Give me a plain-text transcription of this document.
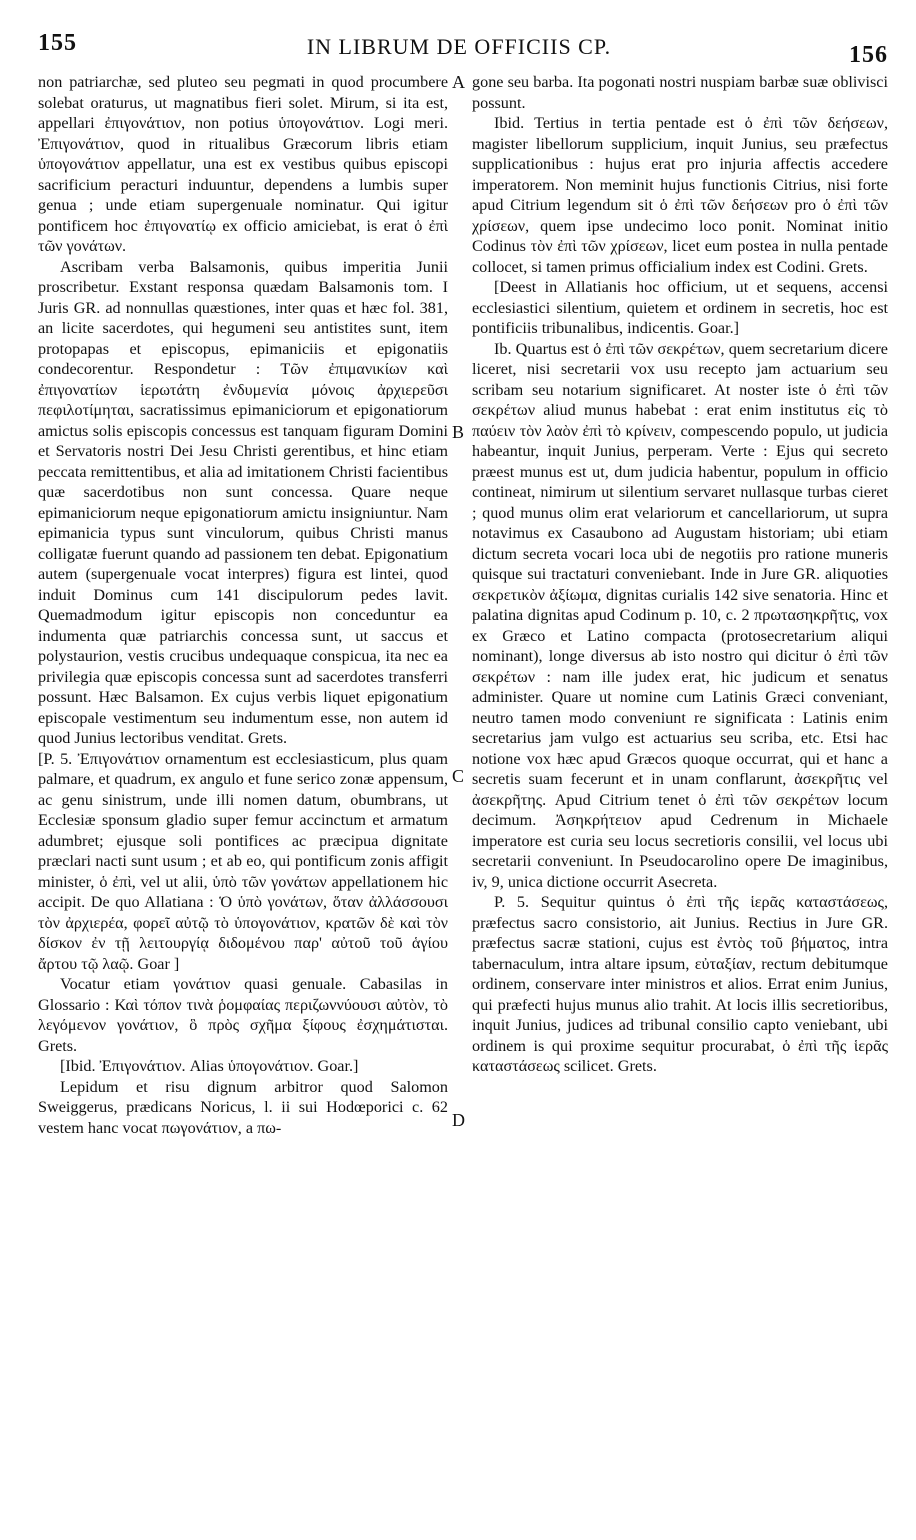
155	IN LIBRUM DE OFFICIIS CP.	156

non patriarchæ, sed pluteo seu pegmati in quod procumbere solebat oraturus, ut magnatibus fieri solet. Mirum, si ita est, appellari ἐπιγονάτιον, non potius ὑπογονάτιον. Logi meri. Ἐπιγονάτιον, quod in ritualibus Græcorum libris etiam ὑπογονάτιον appellatur, una est ex vestibus quibus episcopi sacrificium peracturi induuntur, dependens a lumbis super genua ; unde etiam supergenuale nominatur. Qui igitur pontificem hoc ἐπιγονατίῳ ex officio amiciebat, is erat ὁ ἐπὶ τῶν γονάτων.

Ascribam verba Balsamonis, quibus imperitia Junii proscribetur. Exstant responsa quædam Balsamonis tom. I Juris GR. ad nonnullas quæstiones, inter quas et hæc fol. 381, an licite sacerdotes, qui hegumeni seu antistites sunt, item protopapas et episcopus, epimaniciis et epigonatiis condecorentur. Respondetur : Τῶν ἐπιμανικίων καὶ ἐπιγονατίων ἱερωτάτη ἐνδυμενία μόνοις ἀρχιερεῦσι πεφιλοτίμηται, sacratissimus epimaniciorum et epigonatiorum amictus solis episcopis concessus est tanquam figuram Domini et Servatoris nostri Dei Jesu Christi gerentibus, et hinc etiam peccata remittentibus, et alia ad imitationem Christi facientibus quæ sacerdotibus non sunt concessa. Quare neque epimaniciorum neque epigonatiorum amictu insigniuntur. Nam epimanicia typus sunt vinculorum, quibus Christi manus colligatæ fuerunt quando ad passionem ten debat. Epigonatium autem (supergenuale vocat interpres) figura est lintei, quod induit Dominus cum 141 discipulorum pedes lavit. Quemadmodum igitur episcopis non conceduntur ea indumenta quæ patriarchis concessa sunt, ut saccus et polystaurion, vestis crucibus undequaque conspicua, ita nec ea privilegia quæ episcopis concessa sunt ad sacerdotes transferri possunt. Hæc Balsamon. Ex cujus verbis liquet epigonatium episcopale vestimentum seu indumentum esse, non autem id quod Junius lectoribus venditat. Grets.

[P. 5. Ἐπιγονάτιον ornamentum est ecclesiasticum, plus quam palmare, et quadrum, ex angulo et fune serico zonæ appensum, ac genu sinistrum, unde illi nomen datum, obumbrans, ut Ecclesiæ sponsum gladio super femur accinctum et armatum adumbret; ejusque soli pontifices ac præcipua dignitate præclari nacti sunt usum ; et ab eo, qui pontificum zonis affigit minister, ὁ ἐπὶ, vel ut alii, ὑπὸ τῶν γονάτων appellationem hic accipit. De quo Allatiana : Ὁ ὑπὸ γονάτων, ὅταν ἀλλάσσουσι τὸν ἀρχιερέα, φορεῖ αὐτῷ τὸ ὑπογονάτιον, κρατῶν δὲ καὶ τὸν δίσκον ἐν τῇ λειτουργίᾳ διδομένου παρ' αὐτοῦ τοῦ ἁγίου ἄρτου τῷ λαῷ. Goar ]

Vocatur etiam γονάτιον quasi genuale. Cabasilas in Glossario : Καὶ τόπον τινὰ ῥομφαίας περιζωννύουσι αὐτὸν, τὸ λεγόμενον γονάτιον, ὃ πρὸς σχῆμα ξίφους ἐσχημάτισται. Grets.

[Ibid. Ἐπιγονάτιον. Alias ὑπογονάτιον. Goar.]

Lepidum et risu dignum arbitror quod Salomon Sweiggerus, prædicans Noricus, l. ii sui Hodœporici c. 62 vestem hanc vocat πωγονάτιον, a πω-

A
B
C
D

gone seu barba. Ita pogonati nostri nuspiam barbæ suæ oblivisci possunt.

Ibid. Tertius in tertia pentade est ὁ ἐπὶ τῶν δεήσεων, magister libellorum supplicium, inquit Junius, seu præfectus supplicationibus : hujus erat pro injuria affectis accedere imperatorem. Non meminit hujus functionis Citrius, nisi forte apud Citrium legendum sit ὁ ἐπὶ τῶν δεήσεων pro ὁ ἐπὶ τῶν χρίσεων, quem ipse undecimo loco ponit. Nominat initio Codinus τὸν ἐπὶ τῶν χρίσεων, licet eum postea in nulla pentade collocet, si tamen primus officialium index est Codini. Grets.

[Deest in Allatianis hoc officium, ut et sequens, accensi ecclesiastici silentium, quietem et ordinem in secretis, hoc est pontificiis tribunalibus, indicentis. Goar.]

Ib. Quartus est ὁ ἐπὶ τῶν σεκρέτων, quem secretarium dicere liceret, nisi secretarii vox usu recepto jam actuarium seu scribam seu notarium significaret. At noster iste ὁ ἐπὶ τῶν σεκρέτων aliud munus habebat : erat enim institutus εἰς τὸ παύειν τὸν λαὸν ἐπὶ τὸ κρίνειν, compescendo populo, ut judicia habeantur, inquit Junius, perperam. Verte : Ejus qui secreto præest munus est ut, dum judicia habentur, populum in officio contineat, nimirum ut silentium servaret nullasque turbas cieret ; quod munus olim erat velariorum et cancellariorum, ut supra notavimus ex Casaubono ad Augustam historiam; ubi etiam dictum secreta vocari loca ubi de negotiis pro ratione muneris quisque sui tractaturi conveniebant. Inde in Jure GR. aliquoties σεκρετικὸν ἀξίωμα, dignitas curialis 142 sive senatoria. Hinc et palatina dignitas apud Codinum p. 10, c. 2 πρωτασηκρῆτις, vox ex Græco et Latino compacta (protosecretarium aliqui nominant), longe diversus ab isto nostro qui dicitur ὁ ἐπὶ τῶν σεκρέτων : nam ille judex erat, hic judicum et senatus administer. Quare ut nomine cum Latinis Græci conveniant, neutro tamen modo conveniunt re significata : Latinis enim secretarius jam vulgo est actuarius seu scriba, etc. Etsi hac notione vox hæc apud Græcos quoque occurrat, qui et hanc a secretis suam fecerunt et in unam conflarunt, ἀσεκρῆτις vel ἀσεκρῆτης. Apud Citrium tenet ὁ ἐπὶ τῶν σεκρέτων locum decimum. Ἀσηκρήτειον apud Cedrenum in Michaele imperatore est curia seu locus secretioris consilii, vel locus ubi secretarii conveniunt. In Pseudocarolino opere De imaginibus, iv, 9, unica dictione occurrit Asecreta.

P. 5. Sequitur quintus ὁ ἐπὶ τῆς ἱερᾶς καταστάσεως, præfectus sacro consistorio, ait Junius. Rectius in Jure GR. præfectus sacræ stationi, cujus est ἐντὸς τοῦ βήματος, intra tabernaculum, intra altare ipsum, εὐταξίαν, rectum debitumque ordinem, conservare inter ministros et alios. Errat enim Junius, qui præfecti hujus munus alio trahit. At locis illis secretioribus, inquit Junius, judices ad tribunal consilio capto veniebant, ubi ordinem is qui proxime sequitur procurabat, ὁ ἐπὶ τῆς ἱερᾶς καταστάσεως scilicet. Grets.
